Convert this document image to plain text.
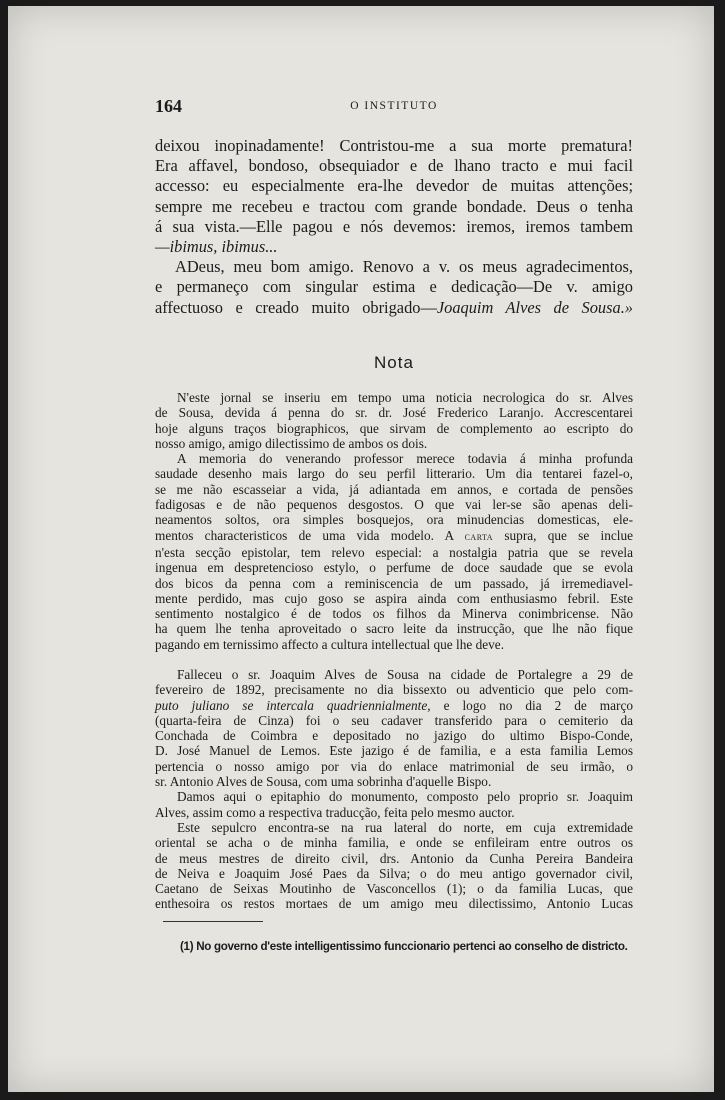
164	O INSTITUTO
deixou inopinadamente! Contristou-me a sua morte prematura!
Era affavel, bondoso, obsequiador e de lhano tracto e mui facil
accesso: eu especialmente era-lhe devedor de muitas attenções;
sempre me recebeu e tractou com grande bondade. Deus o tenha
á sua vista.—Elle pagou e nós devemos: iremos, iremos tambem
—ibimus, ibimus...
ADeus, meu bom amigo. Renovo a v. os meus agradecimentos,
e permaneço com singular estima e dedicação—De v. amigo
affectuoso e creado muito obrigado—Joaquim Alves de Sousa.»
Nota
N'este jornal se inseriu em tempo uma noticia necrologica do sr. Alves
de Sousa, devida á penna do sr. dr. José Frederico Laranjo. Accrescentarei
hoje alguns traços biographicos, que sirvam de complemento ao escripto do
nosso amigo, amigo dilectissimo de ambos os dois.
A memoria do venerando professor merece todavia á minha profunda
saudade desenho mais largo do seu perfil litterario. Um dia tentarei fazel-o,
se me não escasseiar a vida, já adiantada em annos, e cortada de pensões
fadigosas e de não pequenos desgostos. O que vai ler-se são apenas deli-
neamentos soltos, ora simples bosquejos, ora minudencias domesticas, ele-
mentos characteristicos de uma vida modelo. A carta supra, que se inclue
n'esta secção epistolar, tem relevo especial: a nostalgia patria que se revela
ingenua em despretencioso estylo, o perfume de doce saudade que se evola
dos bicos da penna com a reminiscencia de um passado, já irremediavel-
mente perdido, mas cujo goso se aspira ainda com enthusiasmo febril. Este
sentimento nostalgico é de todos os filhos da Minerva conimbricense. Não
ha quem lhe tenha aproveitado o sacro leite da instrucção, que lhe não fique
pagando em ternissimo affecto a cultura intellectual que lhe deve.
Falleceu o sr. Joaquim Alves de Sousa na cidade de Portalegre a 29 de
fevereiro de 1892, precisamente no dia bissexto ou adventicio que pelo com-
puto juliano se intercala quadriennialmente, e logo no dia 2 de março
(quarta-feira de Cinza) foi o seu cadaver transferido para o cemiterio da
Conchada de Coimbra e depositado no jazigo do ultimo Bispo-Conde,
D. José Manuel de Lemos. Este jazigo é de familia, e a esta familia Lemos
pertencia o nosso amigo por via do enlace matrimonial de seu irmão, o
sr. Antonio Alves de Sousa, com uma sobrinha d'aquelle Bispo.
Damos aqui o epitaphio do monumento, composto pelo proprio sr. Joaquim
Alves, assim como a respectiva traducção, feita pelo mesmo auctor.
Este sepulcro encontra-se na rua lateral do norte, em cuja extremidade
oriental se acha o de minha familia, e onde se enfileiram entre outros os
de meus mestres de direito civil, drs. Antonio da Cunha Pereira Bandeira
de Neiva e Joaquim José Paes da Silva; o do meu antigo governador civil,
Caetano de Seixas Moutinho de Vasconcellos (1); o da familia Lucas, que
enthesoira os restos mortaes de um amigo meu dilectissimo, Antonio Lucas
(1) No governo d'este intelligentissimo funccionario pertenci ao conselho de districto.
